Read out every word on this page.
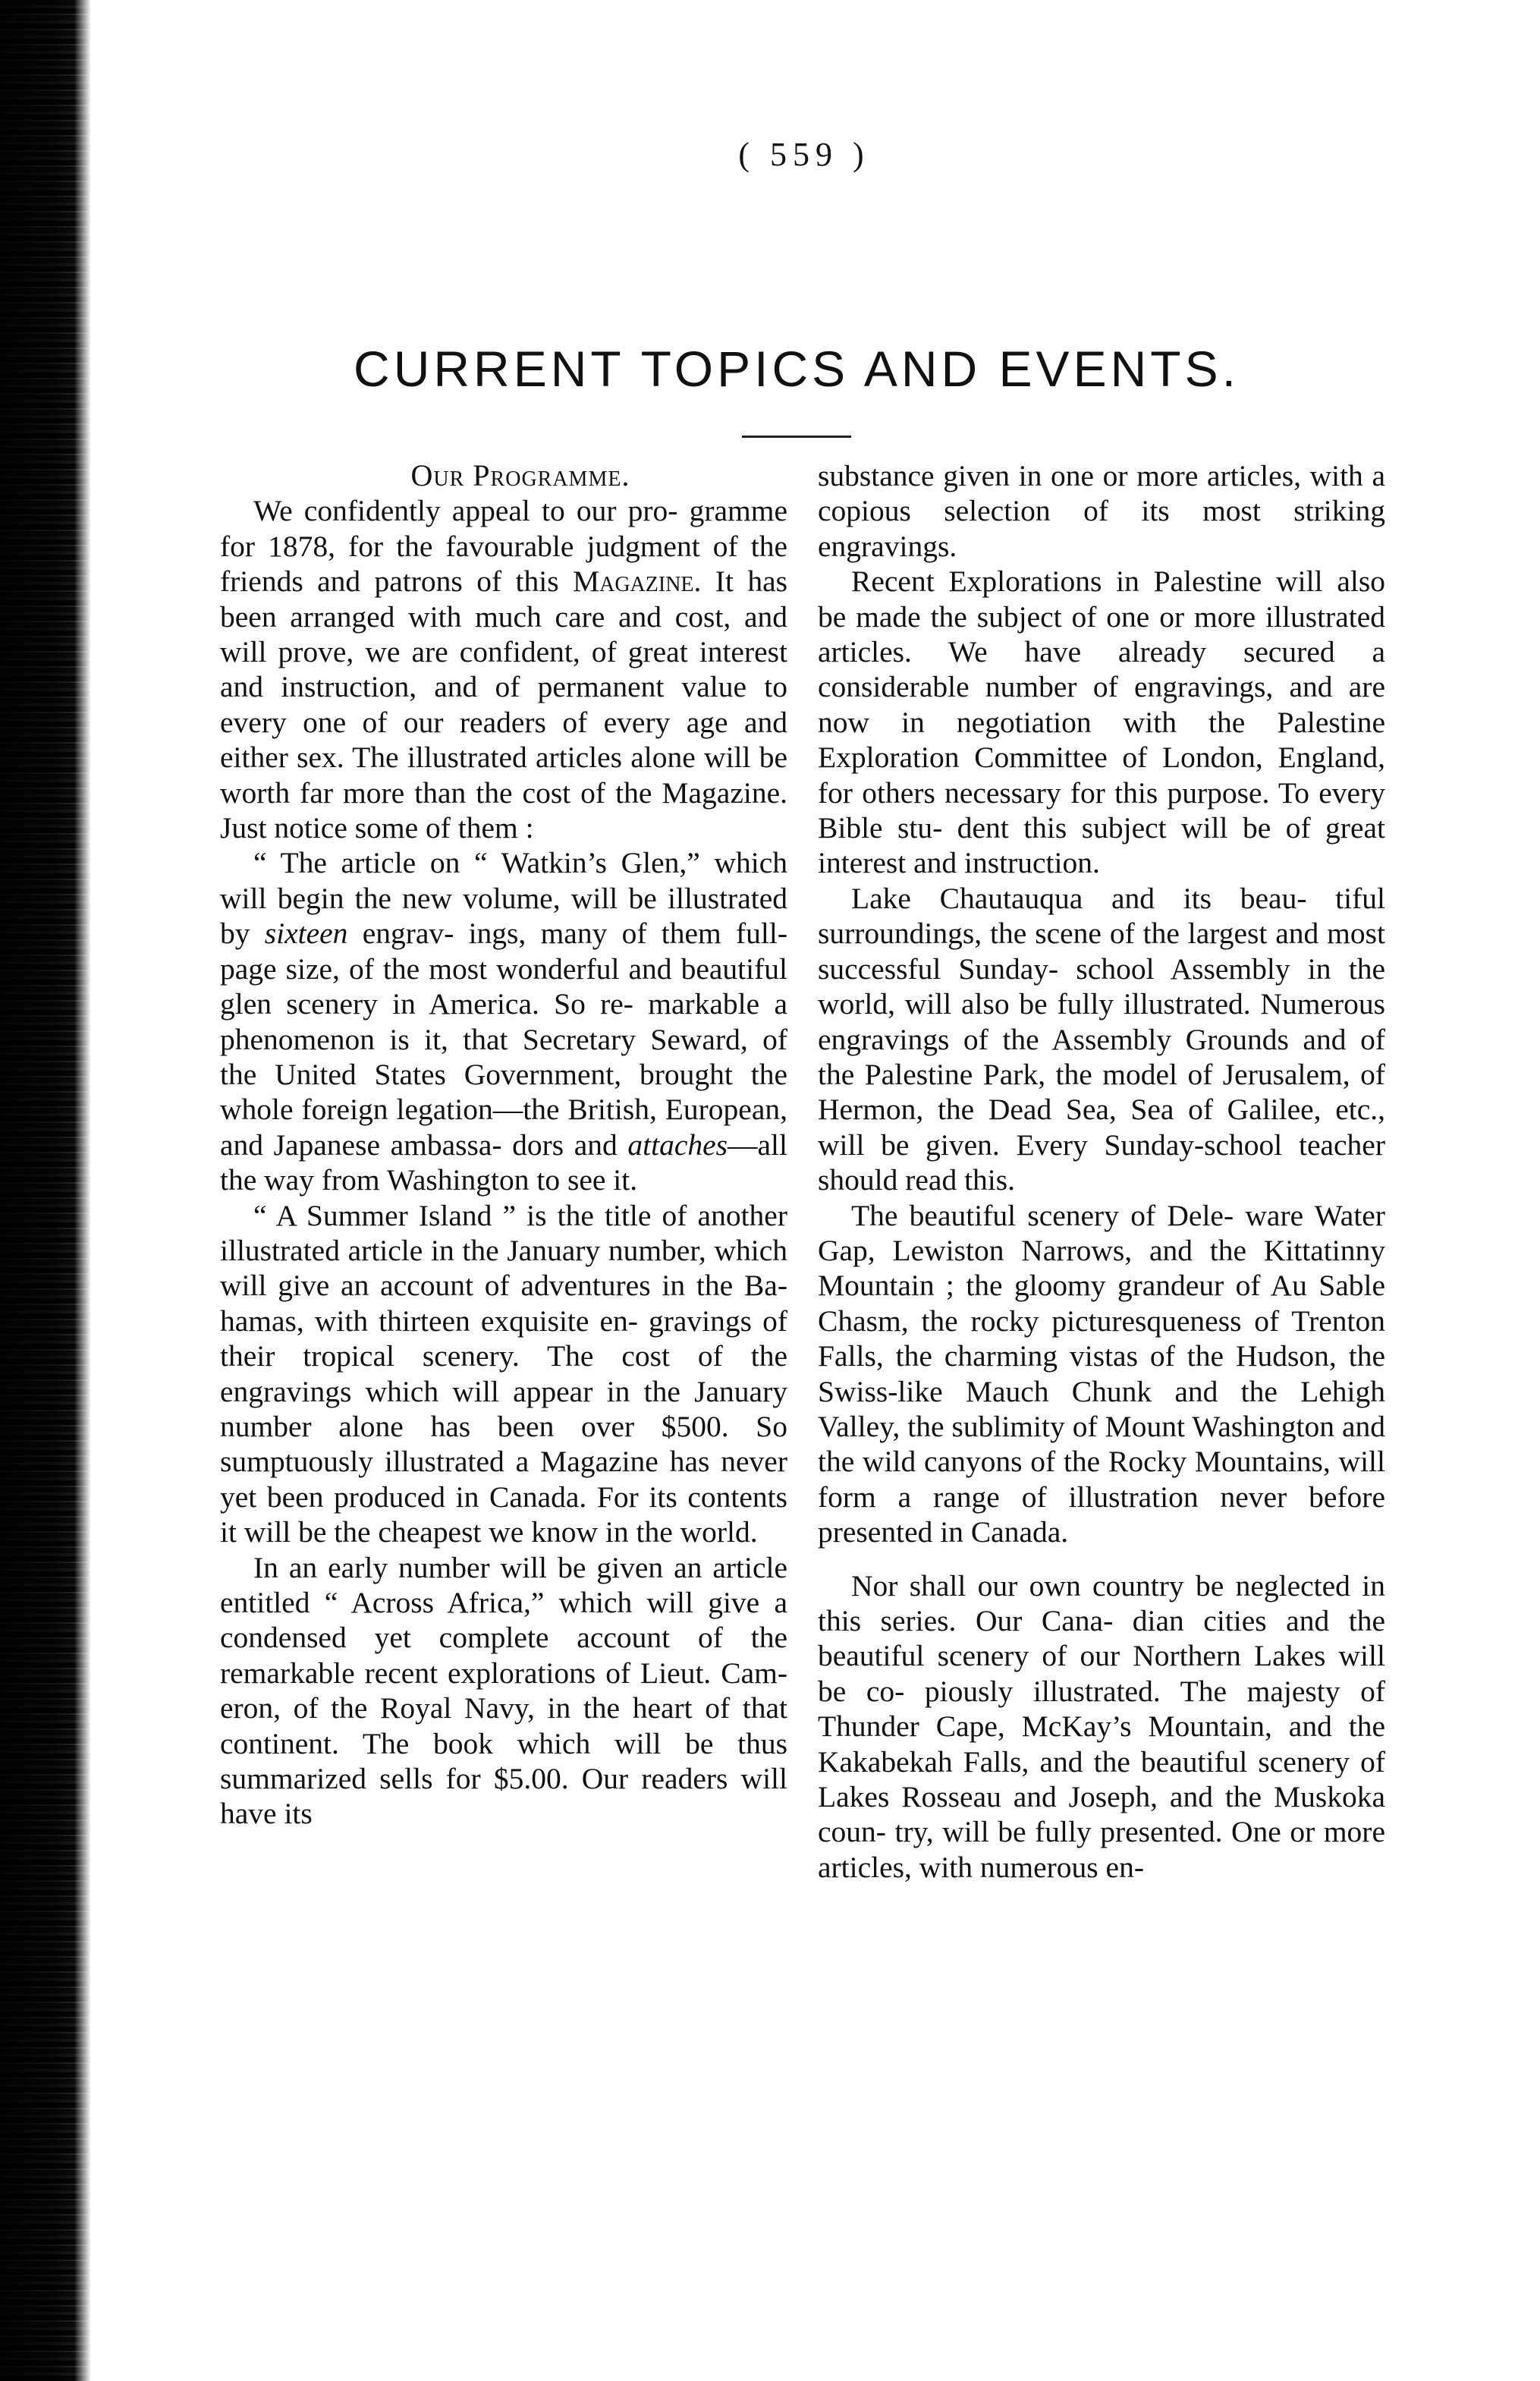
( 559 )
CURRENT TOPICS AND EVENTS.

Our Programme.

We confidently appeal to our pro- gramme for 1878, for the favourable judgment of the friends and patrons of this Magazine. It has been arranged with much care and cost, and will prove, we are confident, of great interest and instruction, and of permanent value to every one of our readers of every age and either sex. The illustrated articles alone will be worth far more than the cost of the Magazine. Just notice some of them :

“ The article on “ Watkin’s Glen,” which will begin the new volume, will be illustrated by sixteen engrav- ings, many of them full-page size, of the most wonderful and beautiful glen scenery in America. So re- markable a phenomenon is it, that Secretary Seward, of the United States Government, brought the whole foreign legation—the British, European, and Japanese ambassa- dors and attaches—all the way from Washington to see it.

“ A Summer Island ” is the title of another illustrated article in the January number, which will give an account of adventures in the Ba- hamas, with thirteen exquisite en- gravings of their tropical scenery. The cost of the engravings which will appear in the January number alone has been over $500. So sumptuously illustrated a Magazine has never yet been produced in Canada. For its contents it will be the cheapest we know in the world.

In an early number will be given an article entitled “ Across Africa,” which will give a condensed yet complete account of the remarkable recent explorations of Lieut. Cam- eron, of the Royal Navy, in the heart of that continent. The book which will be thus summarized sells for $5.00. Our readers will have its

substance given in one or more articles, with a copious selection of its most striking engravings.

Recent Explorations in Palestine will also be made the subject of one or more illustrated articles. We have already secured a considerable number of engravings, and are now in negotiation with the Palestine Exploration Committee of London, England, for others necessary for this purpose. To every Bible stu- dent this subject will be of great interest and instruction.

Lake Chautauqua and its beau- tiful surroundings, the scene of the largest and most successful Sunday- school Assembly in the world, will also be fully illustrated. Numerous engravings of the Assembly Grounds and of the Palestine Park, the model of Jerusalem, of Hermon, the Dead Sea, Sea of Galilee, etc., will be given. Every Sunday-school teacher should read this.

The beautiful scenery of Dele- ware Water Gap, Lewiston Narrows, and the Kittatinny Mountain ; the gloomy grandeur of Au Sable Chasm, the rocky picturesqueness of Trenton Falls, the charming vistas of the Hudson, the Swiss-like Mauch Chunk and the Lehigh Valley, the sublimity of Mount Washington and the wild canyons of the Rocky Mountains, will form a range of illustration never before presented in Canada.

Nor shall our own country be neglected in this series. Our Cana- dian cities and the beautiful scenery of our Northern Lakes will be co- piously illustrated. The majesty of Thunder Cape, McKay’s Mountain, and the Kakabekah Falls, and the beautiful scenery of Lakes Rosseau and Joseph, and the Muskoka coun- try, will be fully presented. One or more articles, with numerous en-
